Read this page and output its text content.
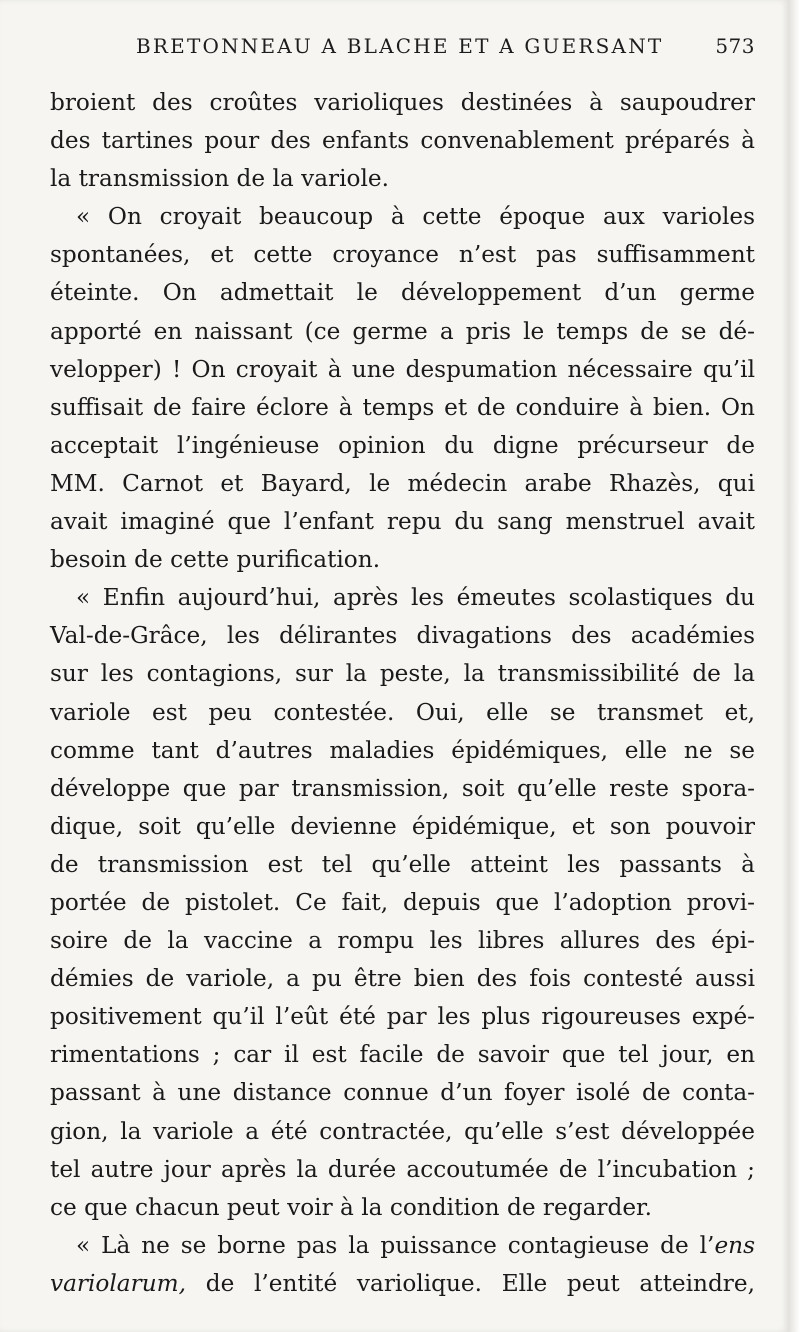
BRETONNEAU A BLACHE ET A GUERSANT	573
broient des croûtes varioliques destinées à saupoudrer
des tartines pour des enfants convenablement préparés à
la transmission de la variole.
« On croyait beaucoup à cette époque aux varioles
spontanées, et cette croyance n’est pas suffisamment
éteinte. On admettait le développement d’un germe
apporté en naissant (ce germe a pris le temps de se dé-
velopper) ! On croyait à une despumation nécessaire qu’il
suffisait de faire éclore à temps et de conduire à bien. On
acceptait l’ingénieuse opinion du digne précurseur de
MM. Carnot et Bayard, le médecin arabe Rhazès, qui
avait imaginé que l’enfant repu du sang menstruel avait
besoin de cette purification.
« Enfin aujourd’hui, après les émeutes scolastiques du
Val-de-Grâce, les délirantes divagations des académies
sur les contagions, sur la peste, la transmissibilité de la
variole est peu contestée. Oui, elle se transmet et,
comme tant d’autres maladies épidémiques, elle ne se
développe que par transmission, soit qu’elle reste spora-
dique, soit qu’elle devienne épidémique, et son pouvoir
de transmission est tel qu’elle atteint les passants à
portée de pistolet. Ce fait, depuis que l’adoption provi-
soire de la vaccine a rompu les libres allures des épi-
démies de variole, a pu être bien des fois contesté aussi
positivement qu’il l’eût été par les plus rigoureuses expé-
rimentations ; car il est facile de savoir que tel jour, en
passant à une distance connue d’un foyer isolé de conta-
gion, la variole a été contractée, qu’elle s’est développée
tel autre jour après la durée accoutumée de l’incubation ;
ce que chacun peut voir à la condition de regarder.
« Là ne se borne pas la puissance contagieuse de l’ens
variolarum, de l’entité variolique. Elle peut atteindre,
